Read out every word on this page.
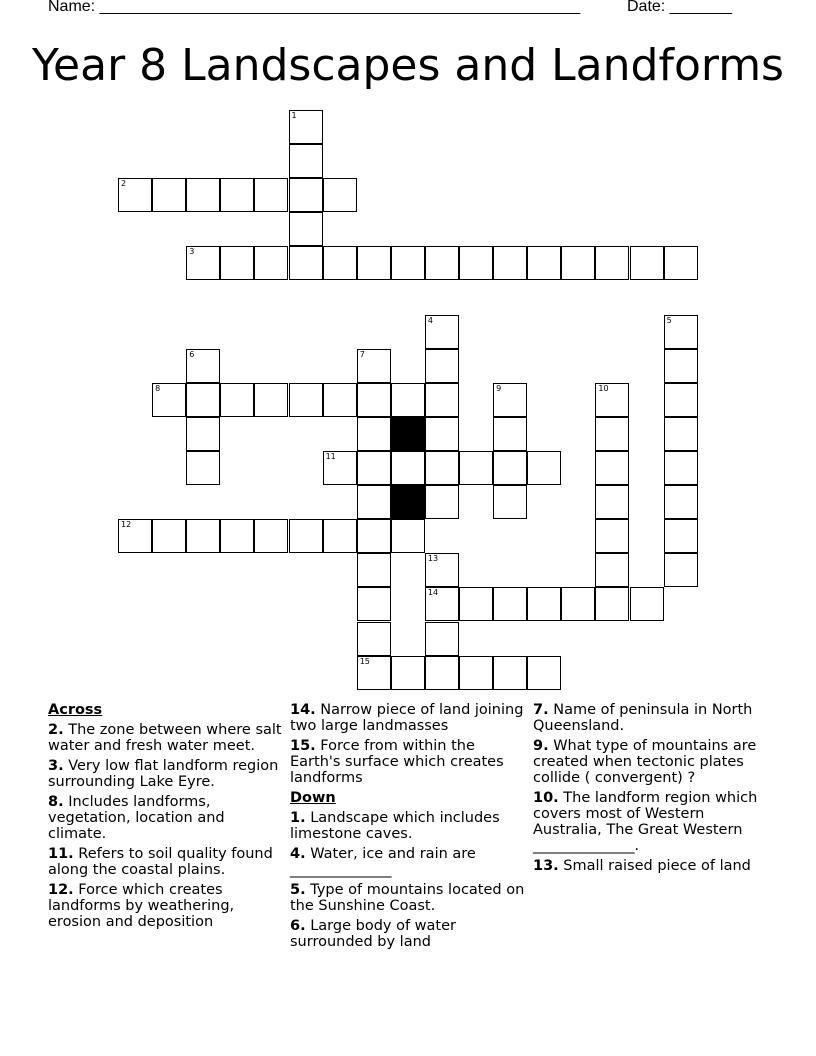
Name: ______________________________________________________	Date: _______
Year 8 Landscapes and Landforms
1
2
3
4	5
6	7
8	9	10
11
12
13
14
15
Across
2. The zone between where salt water and fresh water meet.
3. Very low flat landform region surrounding Lake Eyre.
8. Includes landforms, vegetation, location and climate.
11. Refers to soil quality found along the coastal plains.
12. Force which creates landforms by weathering, erosion and deposition
14. Narrow piece of land joining two large landmasses
15. Force from within the Earth's surface which creates landforms
Down
1. Landscape which includes limestone caves.
4. Water, ice and rain are ______________
5. Type of mountains located on the Sunshine Coast.
6. Large body of water surrounded by land
7. Name of peninsula in North Queensland.
9. What type of mountains are created when tectonic plates collide ( convergent) ?
10. The landform region which covers most of Western Australia, The Great Western ______________.
13. Small raised piece of land
